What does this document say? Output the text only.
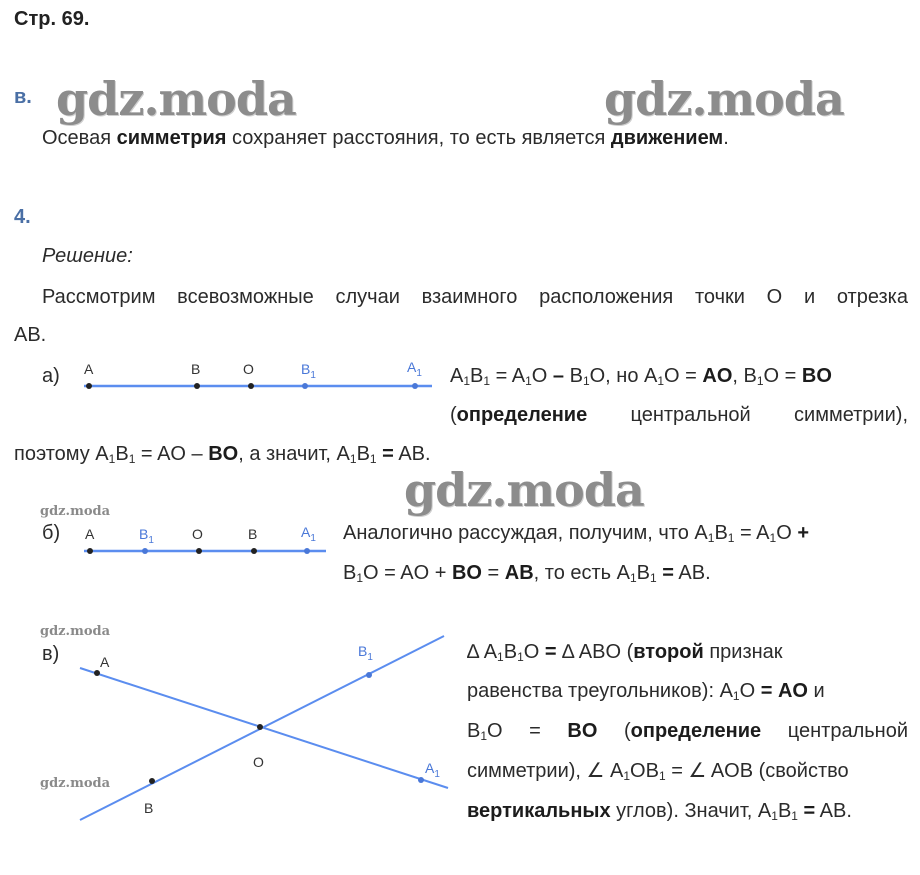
Стр. 69.
gdz.moda	gdz.moda
gdz.moda
gdz.moda
gdz.moda
gdz.moda
в.
Осевая симметрия сохраняет расстояния, то есть является движением.
4.
Решение:
Рассмотрим всевозможные случаи взаимного расположения точки О и отрезка
АВ.
а) A	B	O	$B_1$
$A_1$ $A_1B_1 = A_1O - B_1O$, но $A_1O$ = AO, $B_1O$ = BO
(определение центральной симметрии),
поэтому $A_1B_1$ = AO – BO, а значит, $A_1B_1$ = AB.
б) A	$B_1$	O	B	$A_1$ Аналогично рассуждая, получим, что $A_1B_1 = A_1O$ +
$B_1O$ = AO + BO = AB, то есть $A_1B_1$ = AB.
в)	A
$B_1$
O	$A_1$
B
∆ $A_1B_1O$ = ∆ ABO (второй признак
равенства треугольников): $A_1O$ = AO и
$B_1O$ = BO (определение центральной
симметрии), ∠ $A_1OB_1$ = ∠ AOB (свойство
вертикальных углов). Значит, $A_1B_1$ = AB.
